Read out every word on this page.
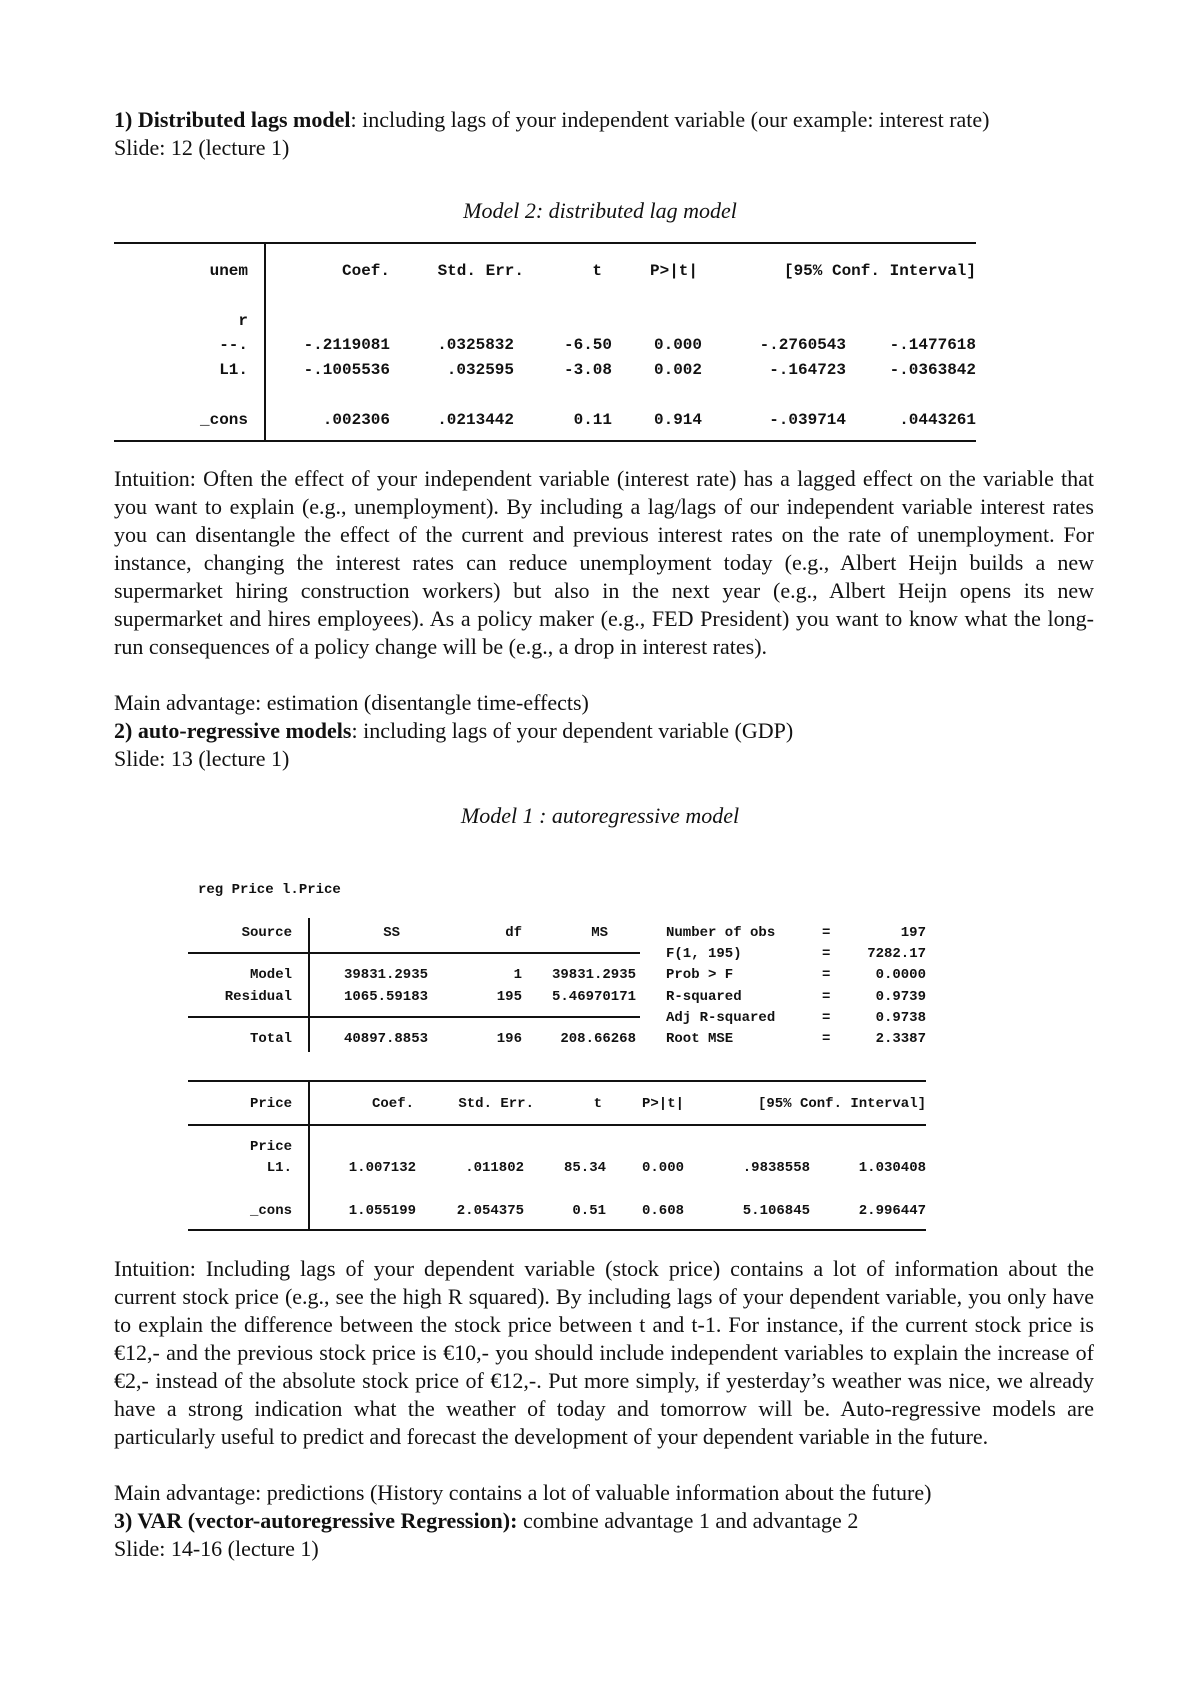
1) Distributed lags model: including lags of your independent variable (our example: interest rate)
Slide: 12 (lecture 1)
Model 2: distributed lag model
unem	Coef.	Std. Err.	t	P>|t|	[95% Conf. Interval]
r
--.	-.2119081	.0325832	-6.50	0.000	-.2760543	-.1477618
L1.	-.1005536	.032595	-3.08	0.002	-.164723	-.0363842
_cons	.002306	.0213442	0.11	0.914	-.039714	.0443261
Intuition: Often the effect of your independent variable (interest rate) has a lagged effect on the variable that you want to explain (e.g., unemployment). By including a lag/lags of our independent variable interest rates you can disentangle the effect of the current and previous interest rates on the rate of unemployment. For instance, changing the interest rates can reduce unemployment today (e.g., Albert Heijn builds a new supermarket hiring construction workers) but also in the next year (e.g., Albert Heijn opens its new supermarket and hires employees). As a policy maker (e.g., FED President) you want to know what the long-run consequences of a policy change will be (e.g., a drop in interest rates).
Main advantage: estimation (disentangle time-effects)
2) auto-regressive models: including lags of your dependent variable (GDP)
Slide: 13 (lecture 1)
Model 1 : autoregressive model
reg Price l.Price
Source	SS	df	MS
Model	39831.2935	1	39831.2935
Residual	1065.59183	195	5.46970171
Total	40897.8853	196	208.66268
Number of obs	=	197
F(1, 195)	=	7282.17
Prob > F	=	0.0000
R-squared	=	0.9739
Adj R-squared	=	0.9738
Root MSE	=	2.3387
Price	Coef.	Std. Err.	t	P>|t|	[95% Conf. Interval]
Price
L1.	1.007132	.011802	85.34	0.000	.9838558	1.030408
_cons	1.055199	2.054375	0.51	0.608	5.106845	2.996447
Intuition: Including lags of your dependent variable (stock price) contains a lot of information about the current stock price (e.g., see the high R squared). By including lags of your dependent variable, you only have to explain the difference between the stock price between t and t-1. For instance, if the current stock price is €12,- and the previous stock price is €10,- you should include independent variables to explain the increase of €2,- instead of the absolute stock price of €12,-. Put more simply, if yesterday’s weather was nice, we already have a strong indication what the weather of today and tomorrow will be. Auto-regressive models are particularly useful to predict and forecast the development of your dependent variable in the future.
Main advantage: predictions (History contains a lot of valuable information about the future)
3) VAR (vector-autoregressive Regression): combine advantage 1 and advantage 2
Slide: 14-16 (lecture 1)
